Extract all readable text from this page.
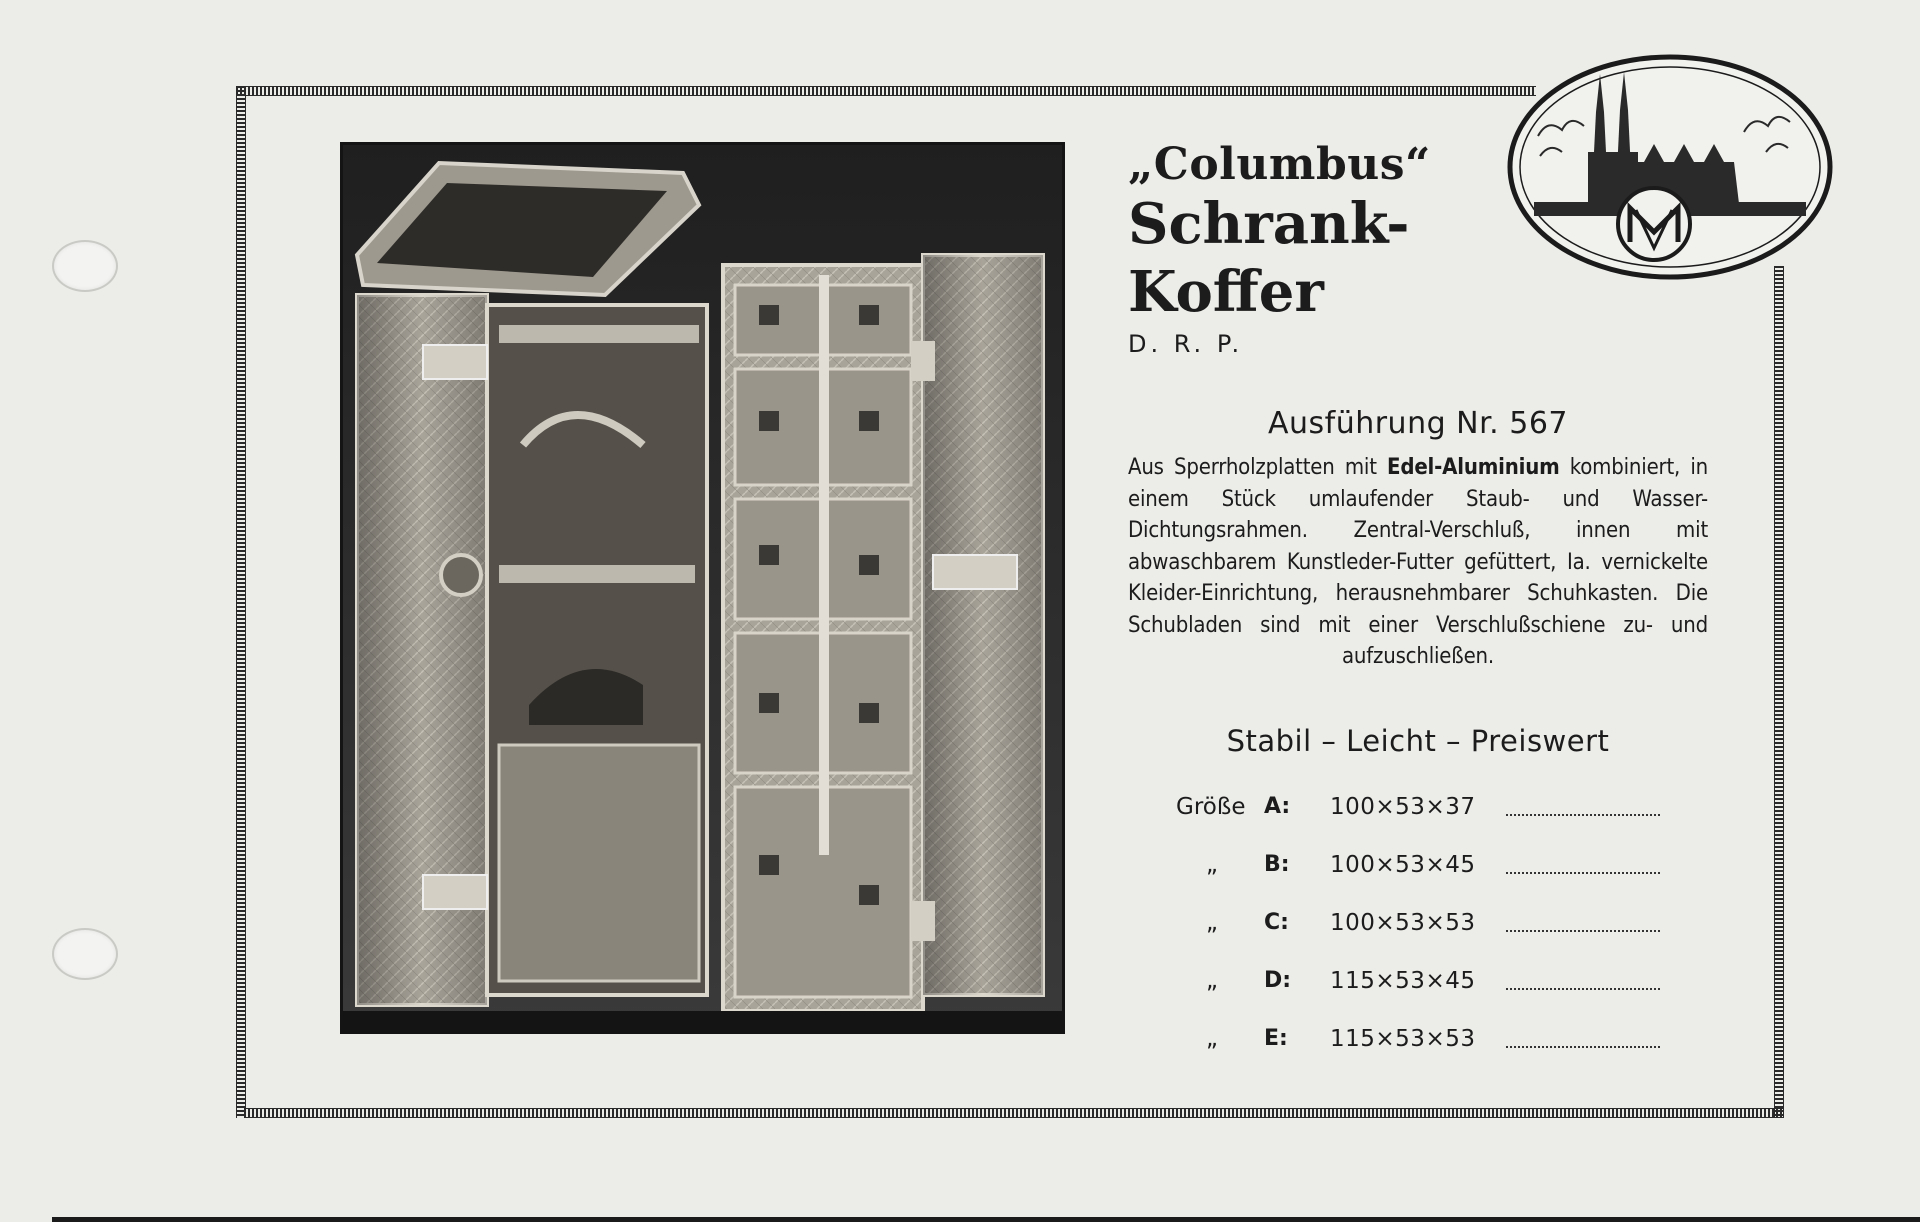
„Columbus“
Schrank-
Koffer
D. R. P.
Ausführung Nr. 567
Aus Sperrholzplatten mit Edel-Aluminium kombiniert, in einem Stück umlaufender Staub- und Wasser-Dichtungsrahmen. Zentral-Verschluß, innen mit abwaschbarem Kunstleder-Futter gefüttert, Ia. vernickelte Kleider-Einrichtung, herausnehmbarer Schuhkasten. Die Schubladen sind mit einer Verschlußschiene zu- und aufzuschließen.
Stabil – Leicht – Preiswert
Größe A: 100×53×37
„ B: 100×53×45
„ C: 100×53×53
„ D: 115×53×45
„ E: 115×53×53
